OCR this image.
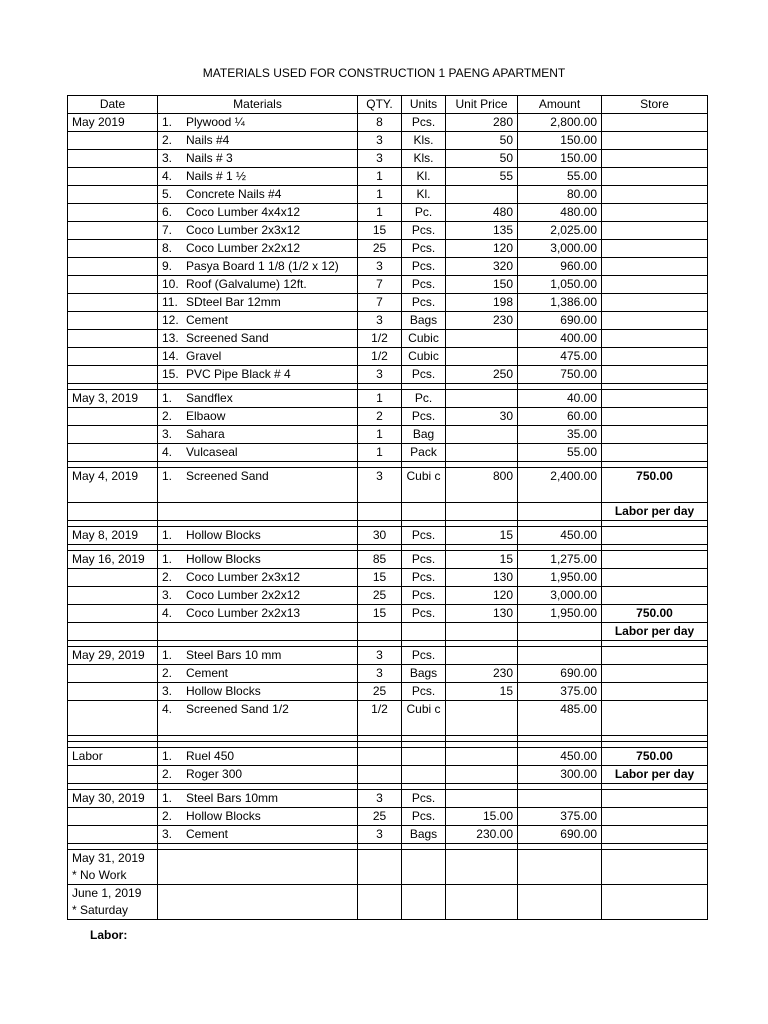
MATERIALS USED FOR CONSTRUCTION 1 PAENG APARTMENT
Date	Materials	QTY.	Units	Unit Price	Amount	Store
May 2019	1. Plywood ¼	8	Pcs.	280	2,800.00	
	2. Nails #4	3	Kls.	50	150.00	
	3. Nails # 3	3	Kls.	50	150.00	
	4. Nails # 1 ½	1	Kl.	55	55.00	
	5. Concrete Nails #4	1	Kl.		80.00	
	6. Coco Lumber 4x4x12	1	Pc.	480	480.00	
	7. Coco Lumber 2x3x12	15	Pcs.	135	2,025.00	
	8. Coco Lumber 2x2x12	25	Pcs.	120	3,000.00	
	9. Pasya Board 1 1/8 (1/2 x 12)	3	Pcs.	320	960.00	
	10. Roof (Galvalume) 12ft.	7	Pcs.	150	1,050.00	
	11. SDteel Bar 12mm	7	Pcs.	198	1,386.00	
	12. Cement	3	Bags	230	690.00	
	13. Screened Sand	1/2	Cubic		400.00	
	14. Gravel	1/2	Cubic		475.00	
	15. PVC Pipe Black # 4	3	Pcs.	250	750.00	

May 3, 2019	1. Sandflex	1	Pc.		40.00	
	2. Elbaow	2	Pcs.	30	60.00	
	3. Sahara	1	Bag		35.00	
	4. Vulcaseal	1	Pack		55.00	

May 4, 2019	1. Screened Sand	3	Cubi c	800	2,400.00	750.00
						Labor per day

May 8, 2019	1. Hollow Blocks	30	Pcs.	15	450.00	

May 16, 2019	1. Hollow Blocks	85	Pcs.	15	1,275.00	
	2. Coco Lumber 2x3x12	15	Pcs.	130	1,950.00	
	3. Coco Lumber 2x2x12	25	Pcs.	120	3,000.00	
	4. Coco Lumber 2x2x13	15	Pcs.	130	1,950.00	750.00
						Labor per day

May 29, 2019	1. Steel Bars 10 mm	3	Pcs.			
	2. Cement	3	Bags	230	690.00	
	3. Hollow Blocks	25	Pcs.	15	375.00	
	4. Screened Sand 1/2	1/2	Cubi c		485.00	

Labor	1. Ruel 450				450.00	750.00
	2. Roger 300				300.00	Labor per day

May 30, 2019	1. Steel Bars 10mm	3	Pcs.			
	2. Hollow Blocks	25	Pcs.	15.00	375.00	
	3. Cement	3	Bags	230.00	690.00	

May 31, 2019
* No Work						
June 1, 2019
* Saturday						
Labor:
